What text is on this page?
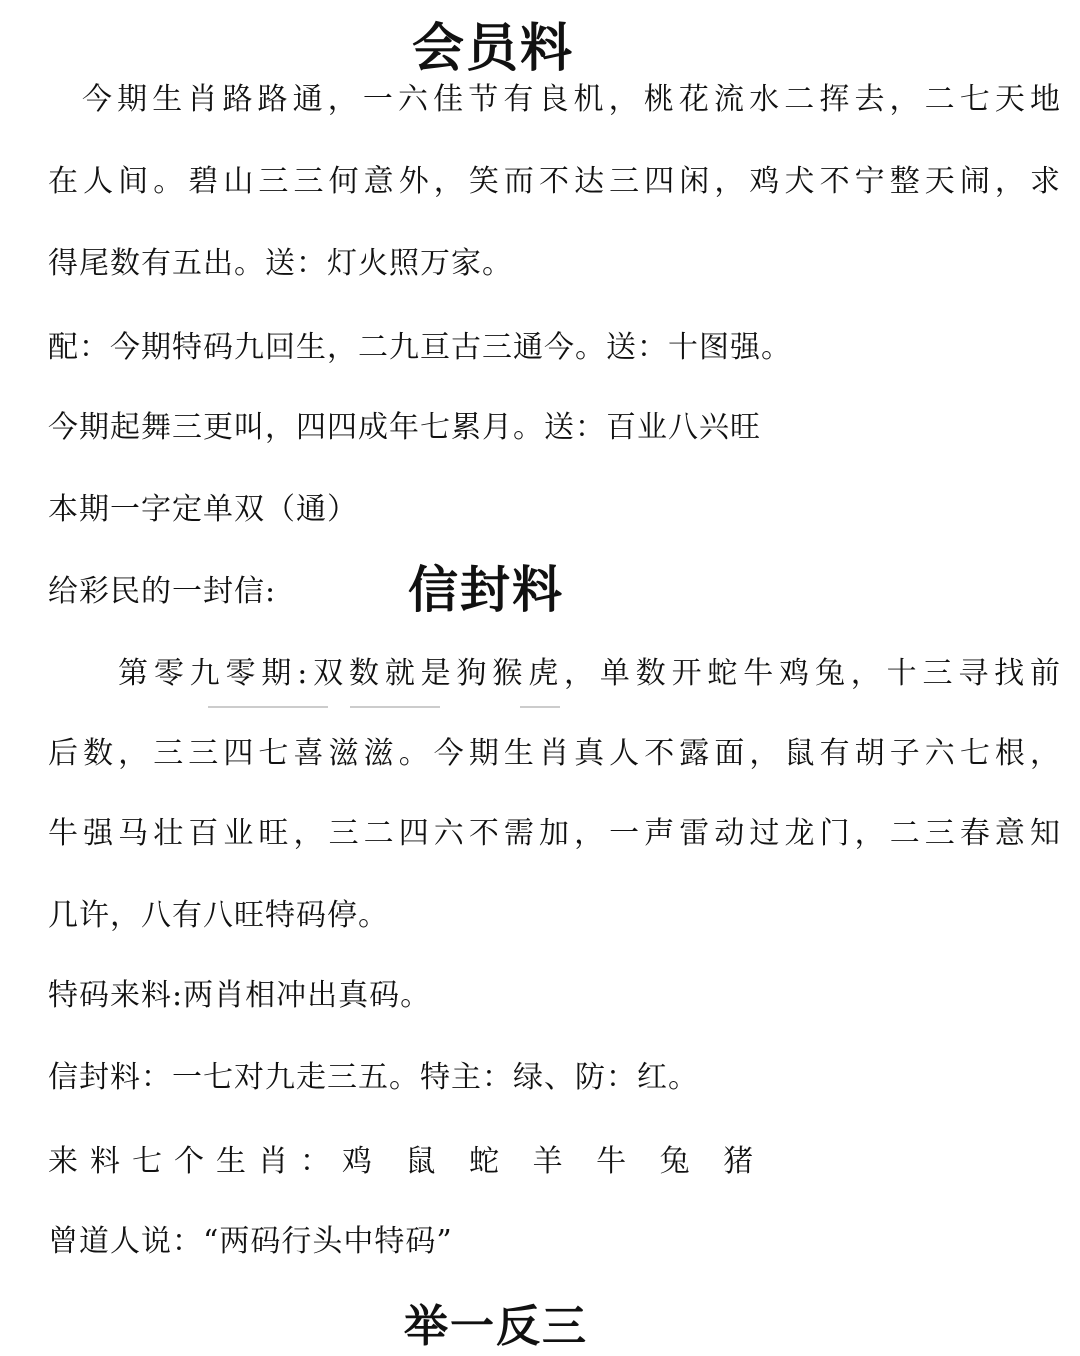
会员料
今期生肖路路通，一六佳节有良机，桃花流水二挥去，二七天地
在人间。碧山三三何意外，笑而不达三四闲，鸡犬不宁整天闹，求
得尾数有五出。送：灯火照万家。
配：今期特码九回生，二九亘古三通今。送：十图强。
今期起舞三更叫，四四成年七累月。送：百业八兴旺
本期一字定单双（通）
给彩民的一封信:	信封料
第零九零期:双数就是狗猴虎，单数开蛇牛鸡兔，十三寻找前
后数，三三四七喜滋滋。今期生肖真人不露面，鼠有胡子六七根，
牛强马壮百业旺，三二四六不需加，一声雷动过龙门，二三春意知
几许，八有八旺特码停。
特码来料:两肖相冲出真码。
信封料：一七对九走三五。特主：绿、防：红。
来料七个生肖：鸡 鼠 蛇 羊 牛 兔 猪
曾道人说：“两码行头中特码”
举一反三
